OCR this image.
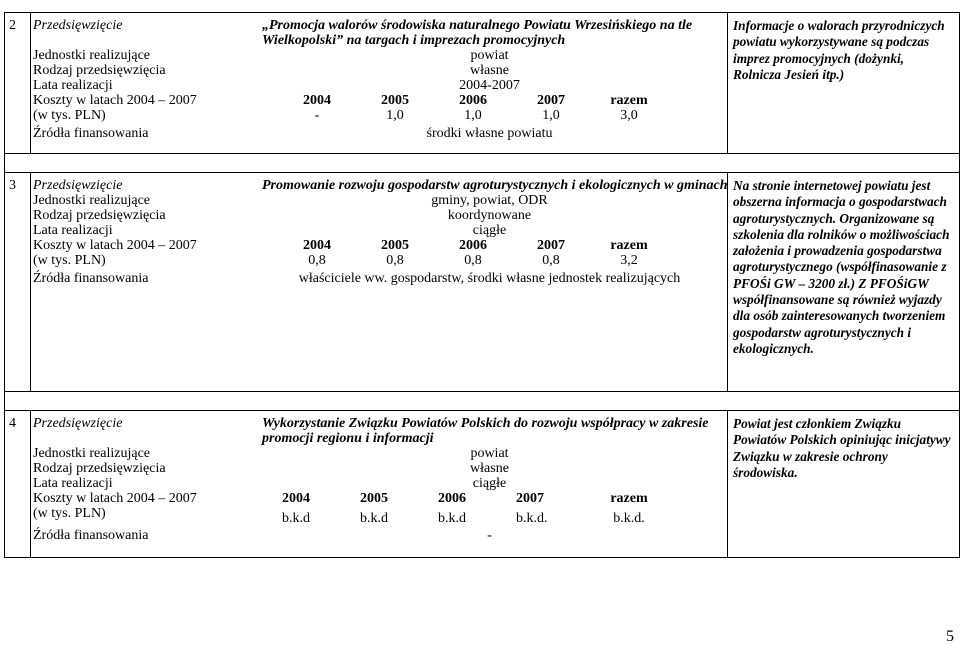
2	Przedsięwzięcie	„Promocja walorów środowiska naturalnego Powiatu Wrzesińskiego na tle Wielkopolski” na targach i imprezach promocyjnych
Jednostki realizujące	powiat
Rodzaj przedsięwzięcia	własne
Lata realizacji	2004-2007
Koszty w latach 2004 – 2007		2004	2005	2006	2007	razem	
(w tys. PLN)		-	1,0	1,0	1,0	3,0	
Źródła finansowania	środki własne powiatu
	Informacje o walorach przyrodniczych powiatu wykorzystywane są podczas imprez promocyjnych (dożynki, Rolnicza Jesień itp.)

3	Przedsięwzięcie	Promowanie rozwoju gospodarstw agroturystycznych i ekologicznych w gminach
Jednostki realizujące	gminy, powiat, ODR
Rodzaj przedsięwzięcia	koordynowane
Lata realizacji	ciągłe
Koszty w latach 2004 – 2007		2004	2005	2006	2007	razem	
(w tys. PLN)		0,8	0,8	0,8	0,8	3,2	
Źródła finansowania	właściciele ww. gospodarstw, środki własne jednostek realizujących
	Na stronie internetowej powiatu jest obszerna informacja o gospodarstwach agroturystycznych. Organizowane są szkolenia dla rolników o możliwościach założenia i prowadzenia gospodarstwa agroturystycznego (współfinasowanie z PFOŚi GW – 3200 zł.) Z PFOŚiGW współfinansowane są również wyjazdy dla osób zainteresowanych tworzeniem gospodarstw agroturystycznych i ekologicznych.

4	Przedsięwzięcie	Wykorzystanie Związku Powiatów Polskich do rozwoju współpracy w zakresie promocji regionu i informacji
Jednostki realizujące	powiat
Rodzaj przedsięwzięcia	własne
Lata realizacji	ciągłe
Koszty w latach 2004 – 2007		2004	2005	2006	2007	razem	
(w tys. PLN)		b.k.d	b.k.d	b.k.d	b.k.d.	b.k.d.	
Źródła finansowania	-
	Powiat jest członkiem Związku Powiatów Polskich opiniując inicjatywy Związku w zakresie ochrony środowiska.
5
